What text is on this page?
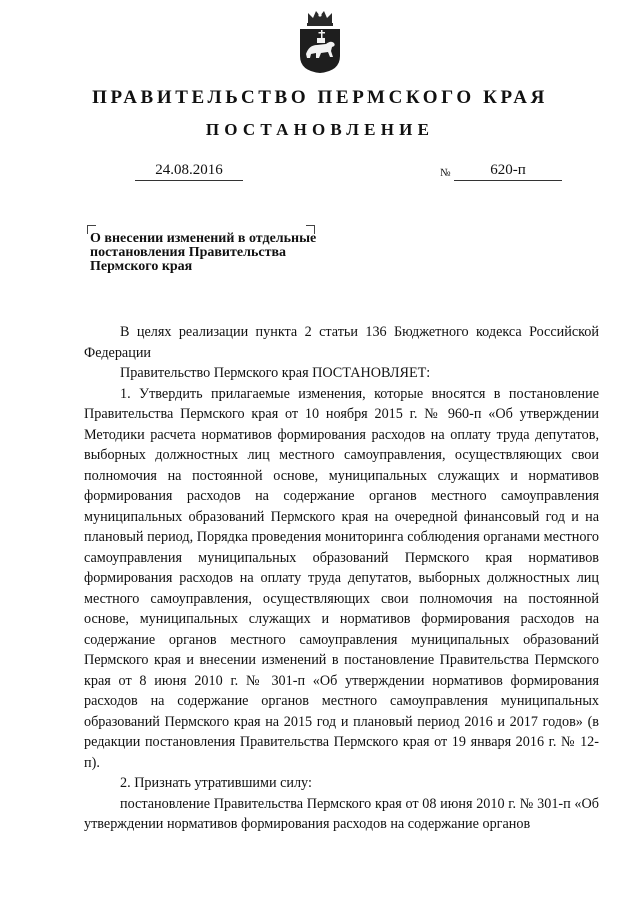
ПРАВИТЕЛЬСТВО ПЕРМСКОГО КРАЯ
ПОСТАНОВЛЕНИЕ
24.08.2016	№	620-п
О внесении изменений в отдельные постановления Правительства Пермского края

В целях реализации пункта 2 статьи 136 Бюджетного кодекса Российской Федерации

Правительство Пермского края ПОСТАНОВЛЯЕТ:

1. Утвердить прилагаемые изменения, которые вносятся в постановление Правительства Пермского края от 10 ноября 2015 г. № 960-п «Об утверждении Методики расчета нормативов формирования расходов на оплату труда депутатов, выборных должностных лиц местного самоуправления, осуществляющих свои полномочия на постоянной основе, муниципальных служащих и нормативов формирования расходов на содержание органов местного самоуправления муниципальных образований Пермского края на очередной финансовый год и на плановый период, Порядка проведения мониторинга соблюдения органами местного самоуправления муниципальных образований Пермского края нормативов формирования расходов на оплату труда депутатов, выборных должностных лиц местного самоуправления, осуществляющих свои полномочия на постоянной основе, муниципальных служащих и нормативов формирования расходов на содержание органов местного самоуправления муниципальных образований Пермского края и внесении изменений в постановление Правительства Пермского края от 8 июня 2010 г. № 301-п «Об утверждении нормативов формирования расходов на содержание органов местного самоуправления муниципальных образований Пермского края на 2015 год и плановый период 2016 и 2017 годов» (в редакции постановления Правительства Пермского края от 19 января 2016 г. № 12-п).

2. Признать утратившими силу:

постановление Правительства Пермского края от 08 июня 2010 г. № 301-п «Об утверждении нормативов формирования расходов на содержание органов
